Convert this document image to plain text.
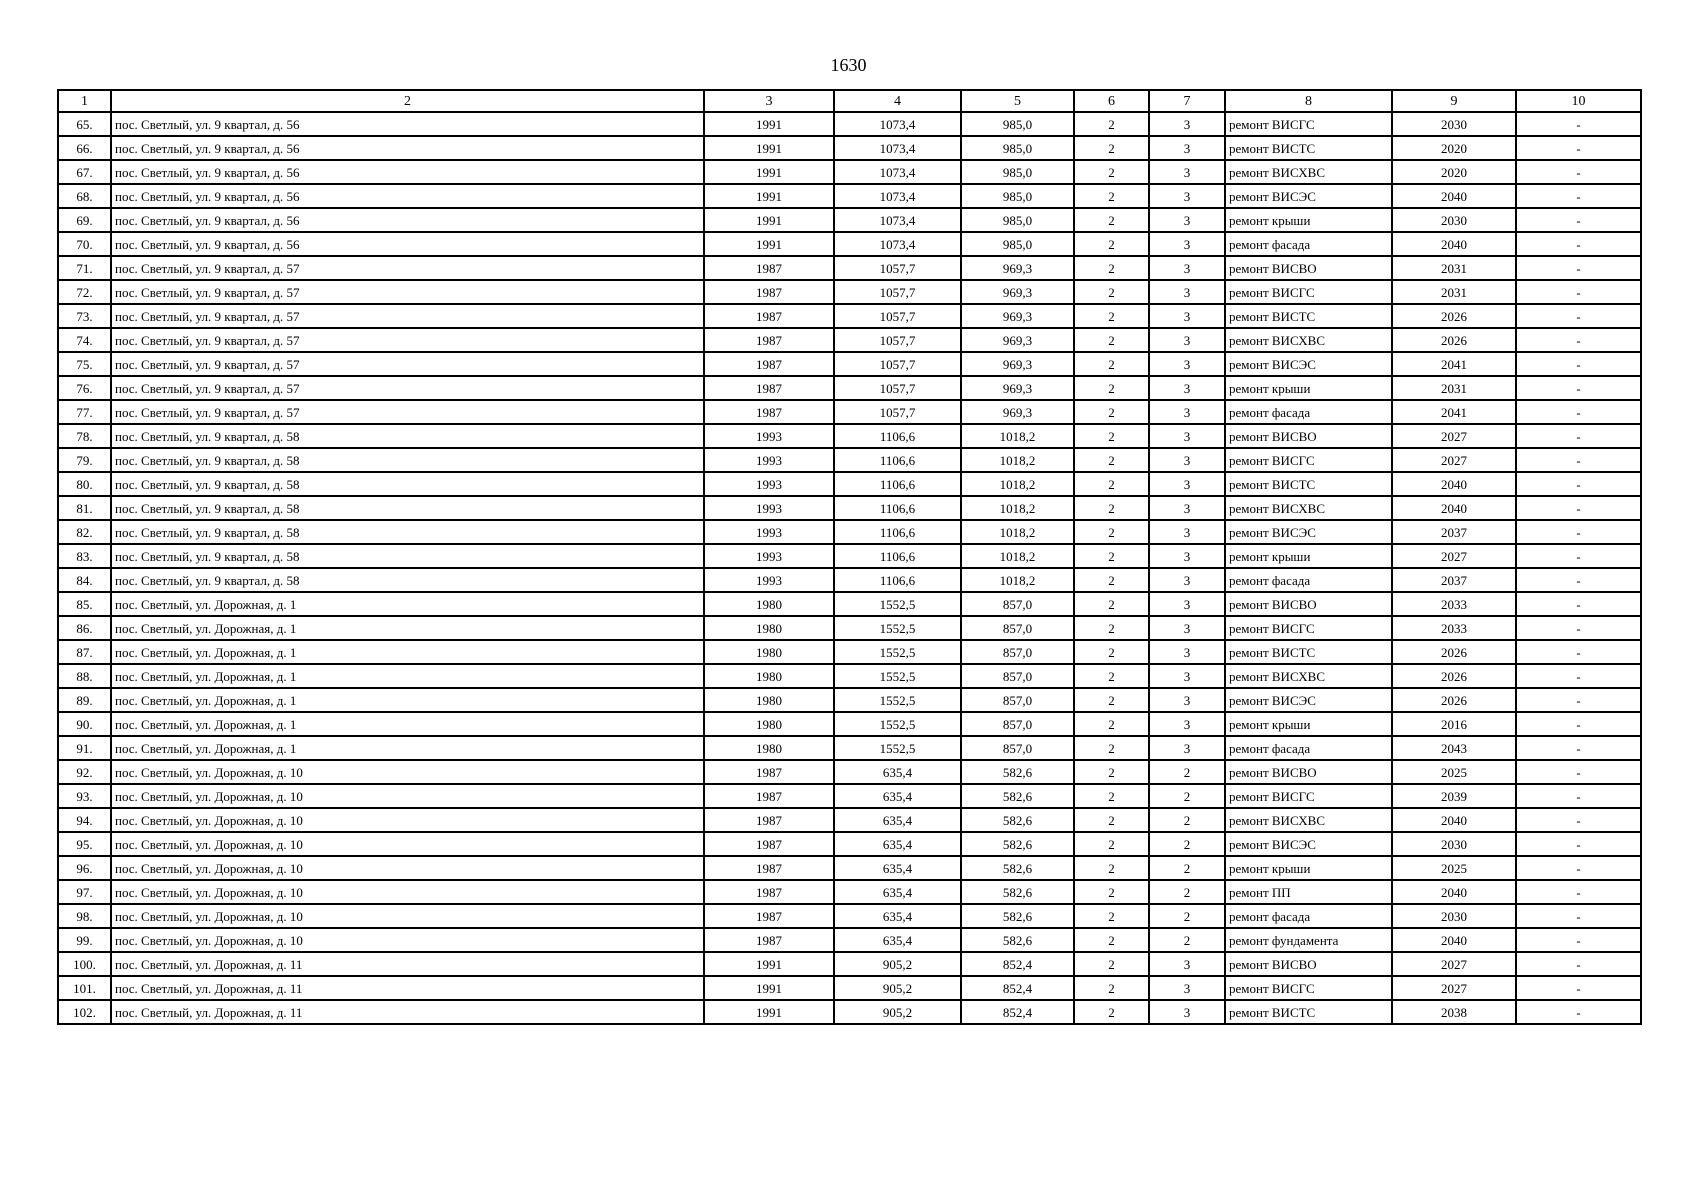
1630
1	2	3	4	5	6	7	8	9	10
65.	пос. Светлый, ул. 9 квартал, д. 56	1991	1073,4	985,0	2	3	ремонт ВИСГС	2030	-
66.	пос. Светлый, ул. 9 квартал, д. 56	1991	1073,4	985,0	2	3	ремонт ВИСТС	2020	-
67.	пос. Светлый, ул. 9 квартал, д. 56	1991	1073,4	985,0	2	3	ремонт ВИСХВС	2020	-
68.	пос. Светлый, ул. 9 квартал, д. 56	1991	1073,4	985,0	2	3	ремонт ВИСЭС	2040	-
69.	пос. Светлый, ул. 9 квартал, д. 56	1991	1073,4	985,0	2	3	ремонт крыши	2030	-
70.	пос. Светлый, ул. 9 квартал, д. 56	1991	1073,4	985,0	2	3	ремонт фасада	2040	-
71.	пос. Светлый, ул. 9 квартал, д. 57	1987	1057,7	969,3	2	3	ремонт ВИСВО	2031	-
72.	пос. Светлый, ул. 9 квартал, д. 57	1987	1057,7	969,3	2	3	ремонт ВИСГС	2031	-
73.	пос. Светлый, ул. 9 квартал, д. 57	1987	1057,7	969,3	2	3	ремонт ВИСТС	2026	-
74.	пос. Светлый, ул. 9 квартал, д. 57	1987	1057,7	969,3	2	3	ремонт ВИСХВС	2026	-
75.	пос. Светлый, ул. 9 квартал, д. 57	1987	1057,7	969,3	2	3	ремонт ВИСЭС	2041	-
76.	пос. Светлый, ул. 9 квартал, д. 57	1987	1057,7	969,3	2	3	ремонт крыши	2031	-
77.	пос. Светлый, ул. 9 квартал, д. 57	1987	1057,7	969,3	2	3	ремонт фасада	2041	-
78.	пос. Светлый, ул. 9 квартал, д. 58	1993	1106,6	1018,2	2	3	ремонт ВИСВО	2027	-
79.	пос. Светлый, ул. 9 квартал, д. 58	1993	1106,6	1018,2	2	3	ремонт ВИСГС	2027	-
80.	пос. Светлый, ул. 9 квартал, д. 58	1993	1106,6	1018,2	2	3	ремонт ВИСТС	2040	-
81.	пос. Светлый, ул. 9 квартал, д. 58	1993	1106,6	1018,2	2	3	ремонт ВИСХВС	2040	-
82.	пос. Светлый, ул. 9 квартал, д. 58	1993	1106,6	1018,2	2	3	ремонт ВИСЭС	2037	-
83.	пос. Светлый, ул. 9 квартал, д. 58	1993	1106,6	1018,2	2	3	ремонт крыши	2027	-
84.	пос. Светлый, ул. 9 квартал, д. 58	1993	1106,6	1018,2	2	3	ремонт фасада	2037	-
85.	пос. Светлый, ул. Дорожная, д. 1	1980	1552,5	857,0	2	3	ремонт ВИСВО	2033	-
86.	пос. Светлый, ул. Дорожная, д. 1	1980	1552,5	857,0	2	3	ремонт ВИСГС	2033	-
87.	пос. Светлый, ул. Дорожная, д. 1	1980	1552,5	857,0	2	3	ремонт ВИСТС	2026	-
88.	пос. Светлый, ул. Дорожная, д. 1	1980	1552,5	857,0	2	3	ремонт ВИСХВС	2026	-
89.	пос. Светлый, ул. Дорожная, д. 1	1980	1552,5	857,0	2	3	ремонт ВИСЭС	2026	-
90.	пос. Светлый, ул. Дорожная, д. 1	1980	1552,5	857,0	2	3	ремонт крыши	2016	-
91.	пос. Светлый, ул. Дорожная, д. 1	1980	1552,5	857,0	2	3	ремонт фасада	2043	-
92.	пос. Светлый, ул. Дорожная, д. 10	1987	635,4	582,6	2	2	ремонт ВИСВО	2025	-
93.	пос. Светлый, ул. Дорожная, д. 10	1987	635,4	582,6	2	2	ремонт ВИСГС	2039	-
94.	пос. Светлый, ул. Дорожная, д. 10	1987	635,4	582,6	2	2	ремонт ВИСХВС	2040	-
95.	пос. Светлый, ул. Дорожная, д. 10	1987	635,4	582,6	2	2	ремонт ВИСЭС	2030	-
96.	пос. Светлый, ул. Дорожная, д. 10	1987	635,4	582,6	2	2	ремонт крыши	2025	-
97.	пос. Светлый, ул. Дорожная, д. 10	1987	635,4	582,6	2	2	ремонт ПП	2040	-
98.	пос. Светлый, ул. Дорожная, д. 10	1987	635,4	582,6	2	2	ремонт фасада	2030	-
99.	пос. Светлый, ул. Дорожная, д. 10	1987	635,4	582,6	2	2	ремонт фундамента	2040	-
100.	пос. Светлый, ул. Дорожная, д. 11	1991	905,2	852,4	2	3	ремонт ВИСВО	2027	-
101.	пос. Светлый, ул. Дорожная, д. 11	1991	905,2	852,4	2	3	ремонт ВИСГС	2027	-
102.	пос. Светлый, ул. Дорожная, д. 11	1991	905,2	852,4	2	3	ремонт ВИСТС	2038	-
